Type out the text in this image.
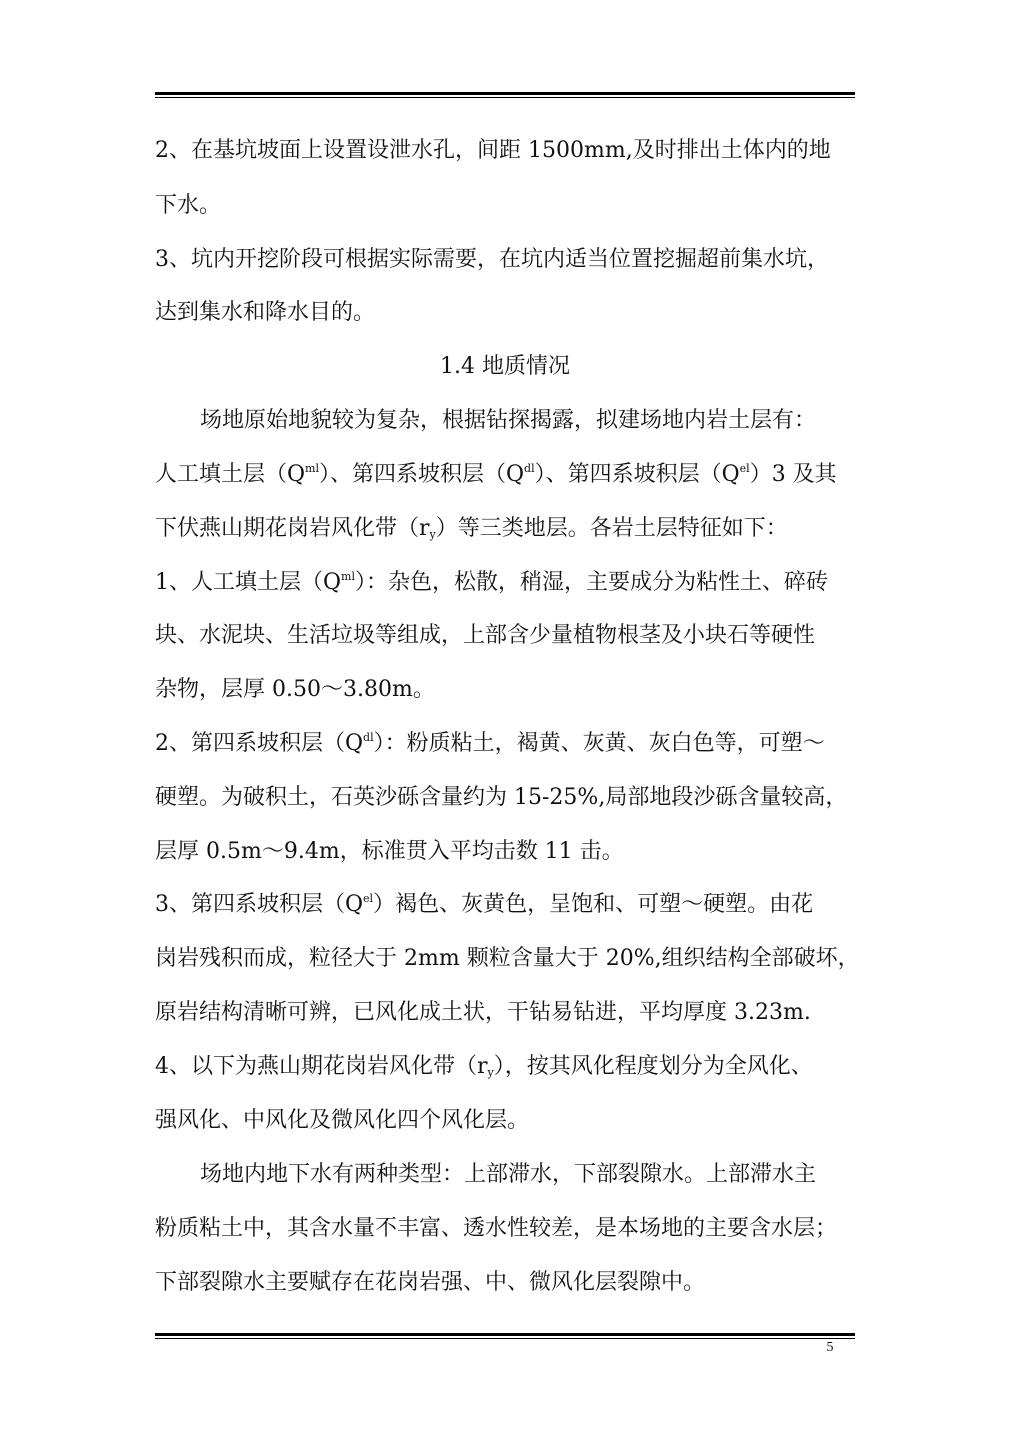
2、在基坑坡面上设置设泄水孔，间距 1500mm,及时排出土体内的地
下水。
3、坑内开挖阶段可根据实际需要，在坑内适当位置挖掘超前集水坑，
达到集水和降水目的。
1.4 地质情况
场地原始地貌较为复杂，根据钻探揭露，拟建场地内岩土层有：
人工填土层$(Q^{ml})$、第四系坡积层$(Q^{dl})$、第四系坡积层$(Q^{el})3$ 及其
下伏燕山期花岗岩风化带$(r_y)$等三类地层。各岩土层特征如下：
1、人工填土层$(Q^{ml})$：杂色，松散，稍湿，主要成分为粘性土、碎砖
块、水泥块、生活垃圾等组成，上部含少量植物根茎及小块石等硬性
杂物，层厚 0.50～3.80m。
2、第四系坡积层$(Q^{dl})$：粉质粘土，褐黄、灰黄、灰白色等，可塑～
硬塑。为破积土，石英沙砾含量约为 15-25%,局部地段沙砾含量较高，
层厚 0.5m～9.4m，标准贯入平均击数 11 击。
3、第四系坡积层$(Q^{el})$褐色、灰黄色，呈饱和、可塑～硬塑。由花
岗岩残积而成，粒径大于 2mm 颗粒含量大于 20%,组织结构全部破坏，
原岩结构清晰可辨，已风化成土状，干钻易钻进，平均厚度 3.23m.
4、以下为燕山期花岗岩风化带$(r_y)$，按其风化程度划分为全风化、
强风化、中风化及微风化四个风化层。
场地内地下水有两种类型：上部滞水，下部裂隙水。上部滞水主
粉质粘土中，其含水量不丰富、透水性较差，是本场地的主要含水层；
下部裂隙水主要赋存在花岗岩强、中、微风化层裂隙中。
5
